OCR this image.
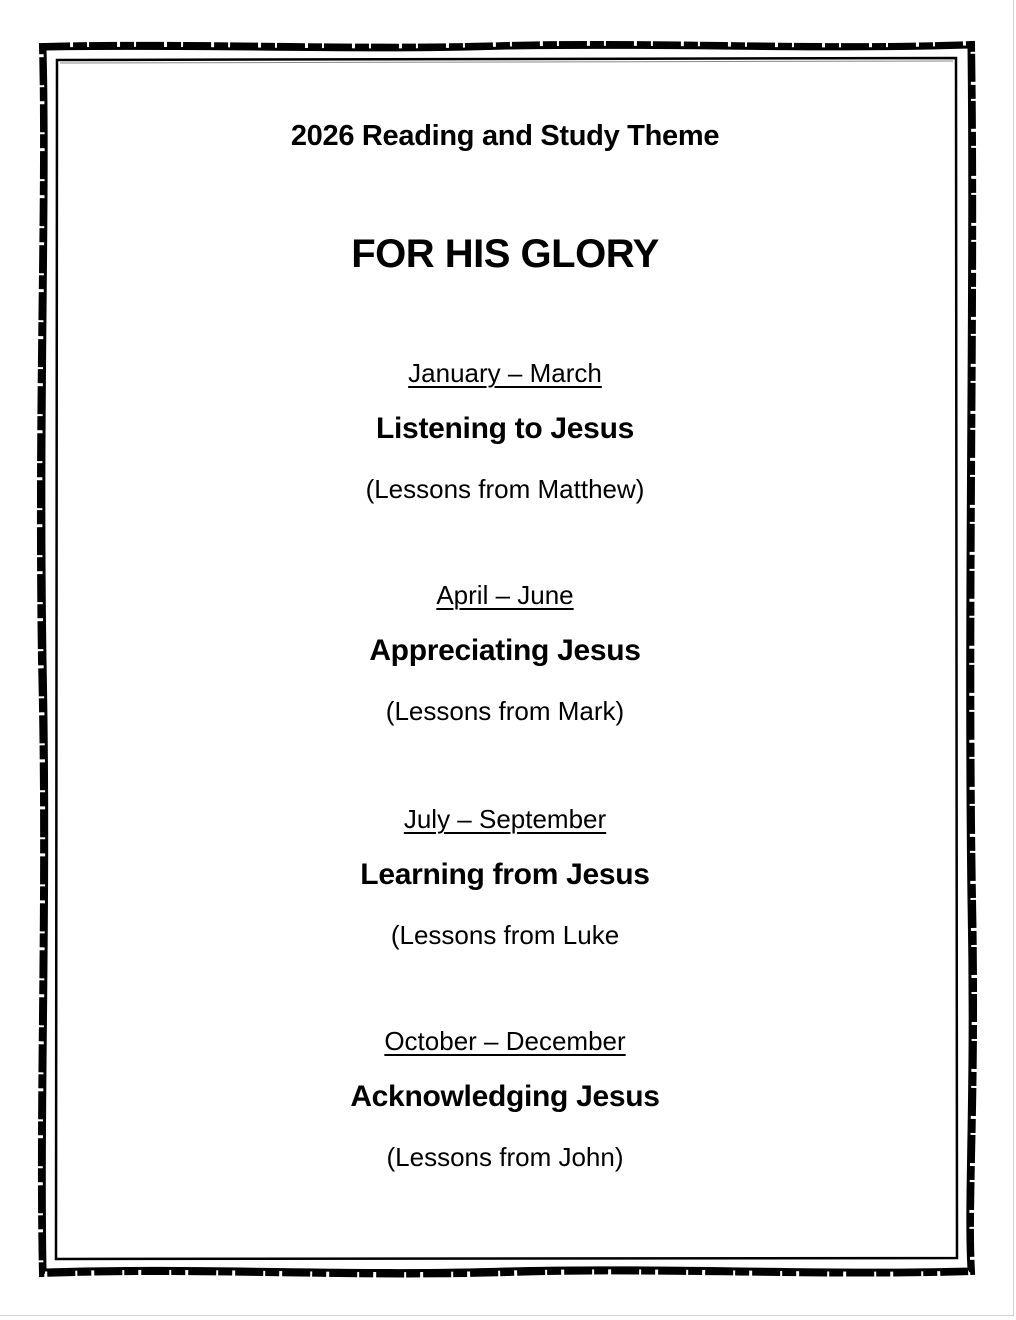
2026 Reading and Study Theme
FOR HIS GLORY
January – March
Listening to Jesus
(Lessons from Matthew)
April – June
Appreciating Jesus
(Lessons from Mark)
July – September
Learning from Jesus
(Lessons from Luke
October – December
Acknowledging Jesus
(Lessons from John)
